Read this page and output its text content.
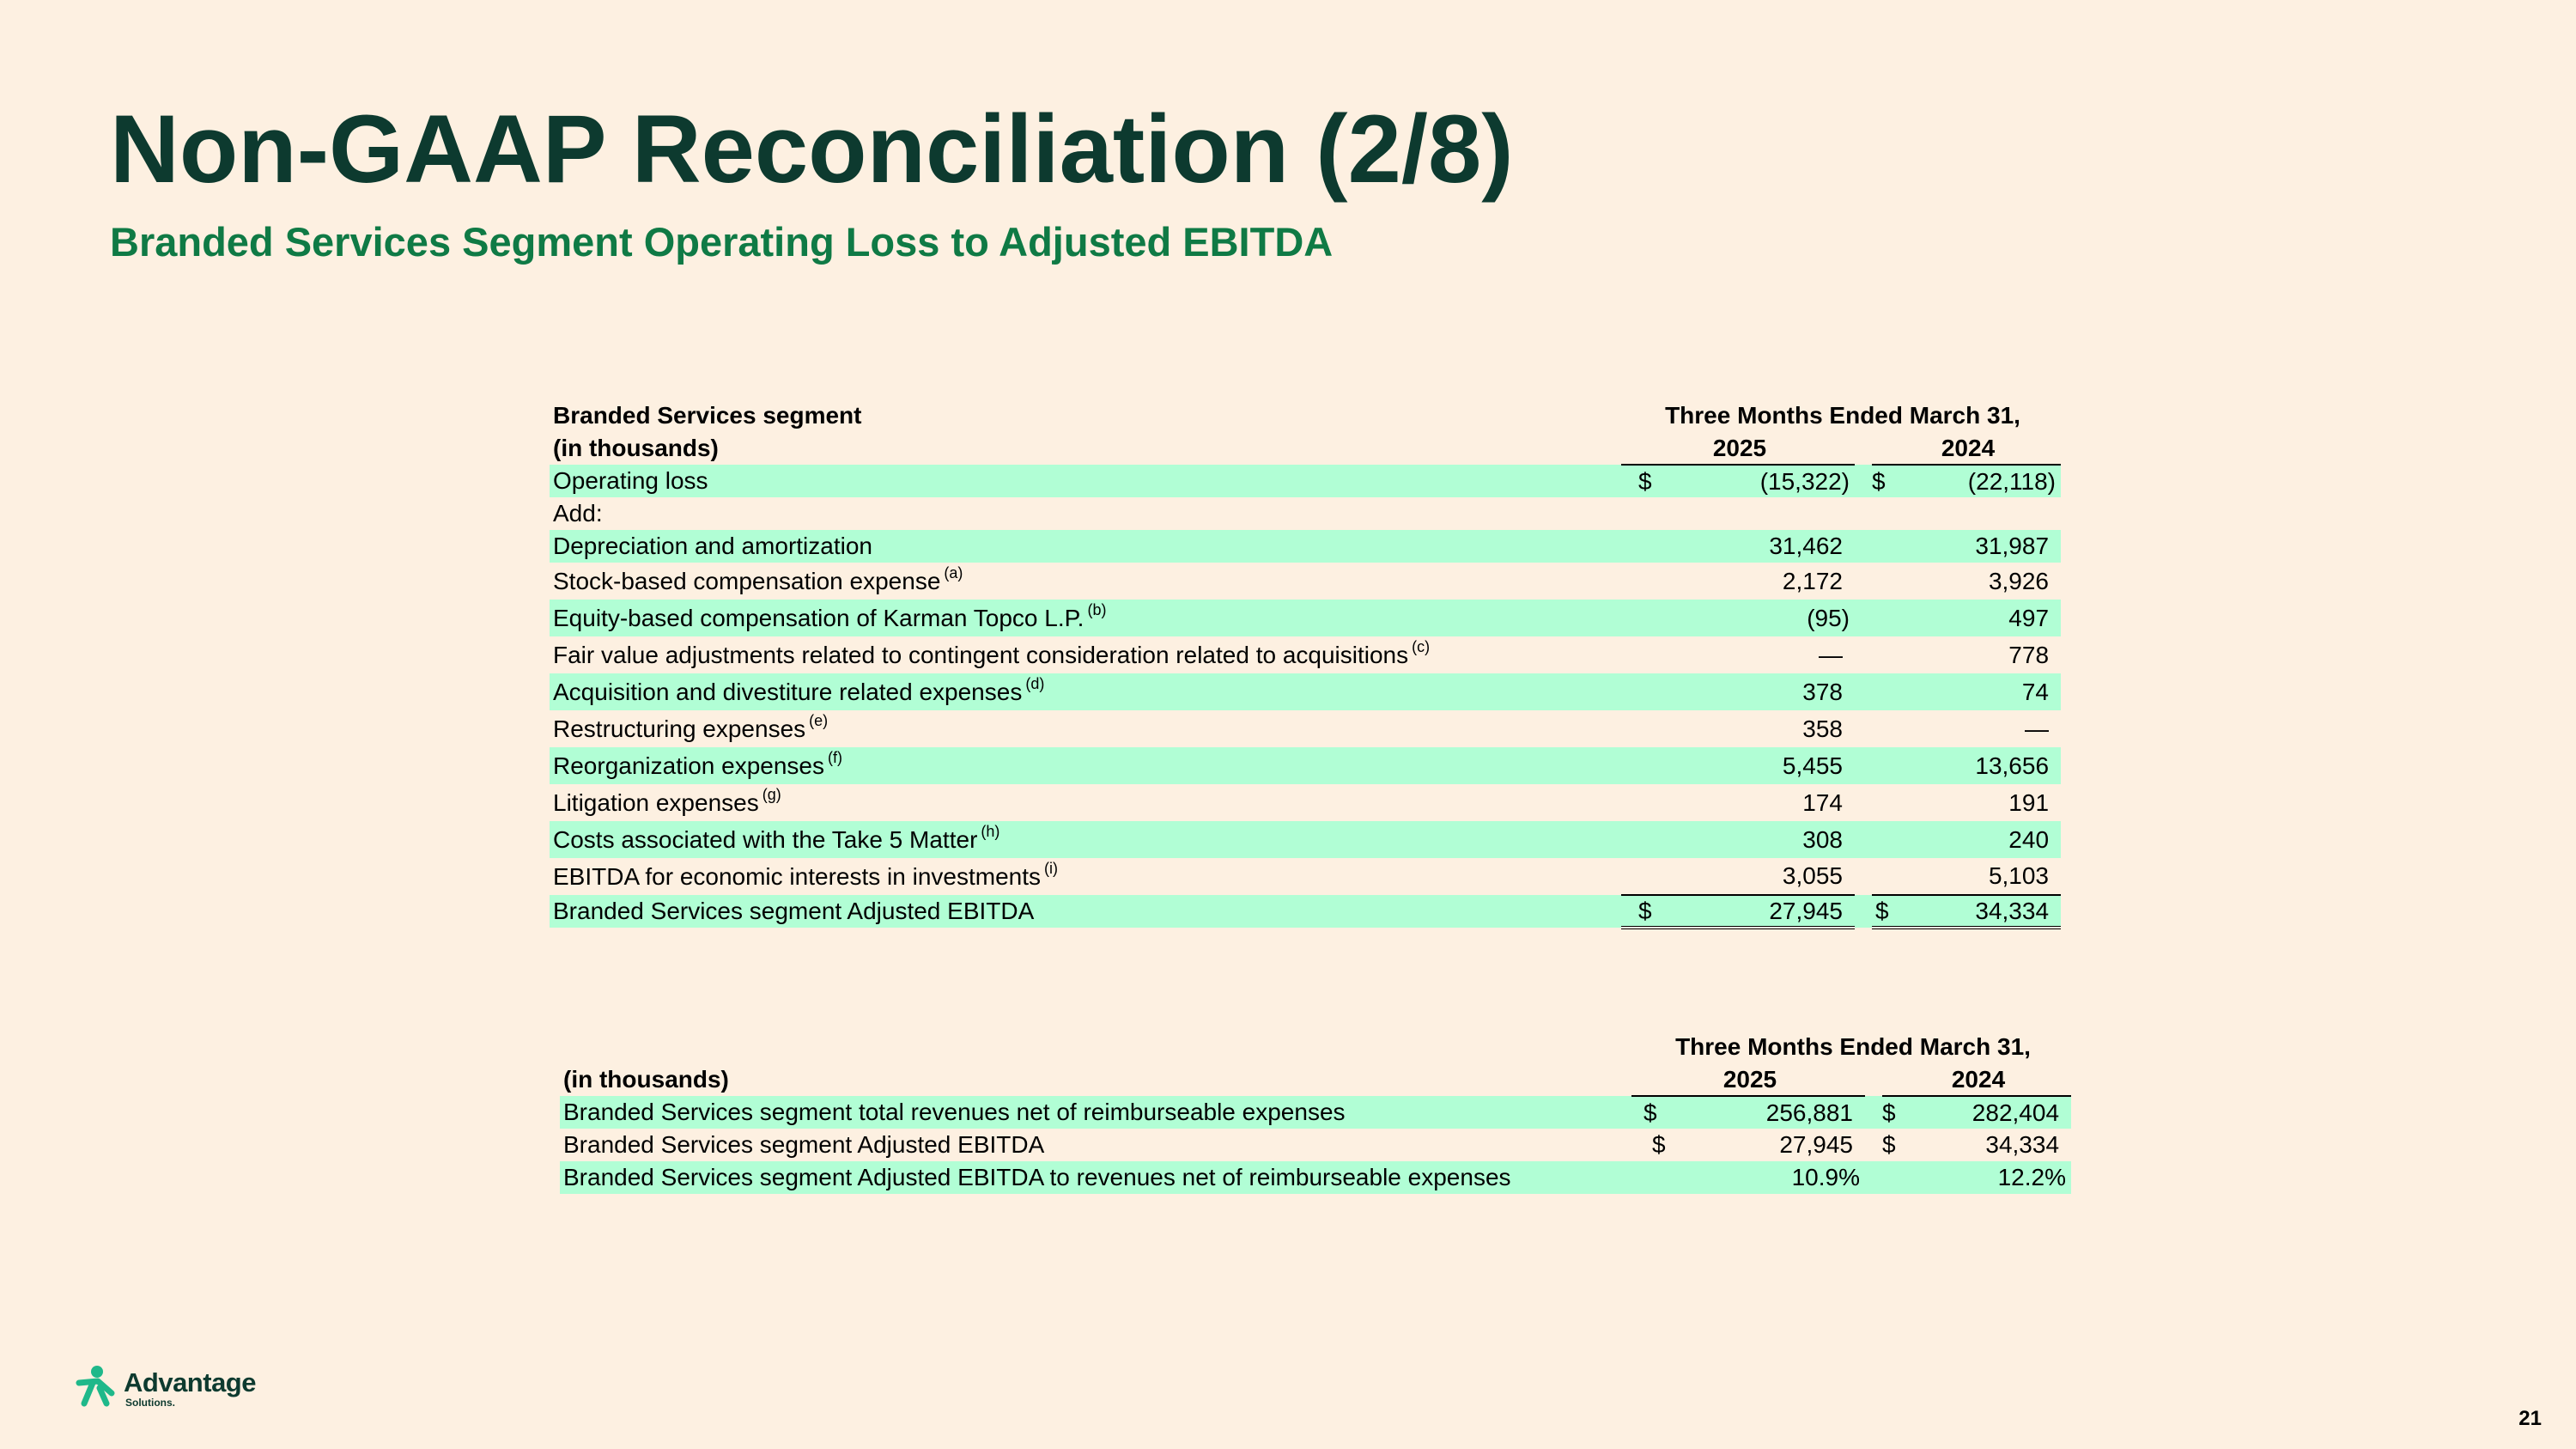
Non-GAAP Reconciliation (2/8)
Branded Services Segment Operating Loss to Adjusted EBITDA
Branded Services segment	Three Months Ended March 31,		
(in thousands)	2025		2024
Operating loss	$ (15,322)		$ (22,118)
Add:			
Depreciation and amortization	31,462		31,987
Stock-based compensation expense $^{(a)}$	2,172		3,926
Equity-based compensation of Karman Topco L.P. $^{(b)}$	(95)		497
Fair value adjustments related to contingent consideration related to acquisitions $^{(c)}$	—		778
Acquisition and divestiture related expenses $^{(d)}$	378		74
Restructuring expenses $^{(e)}$	358		—
Reorganization expenses $^{(f)}$	5,455		13,656
Litigation expenses $^{(g)}$	174		191
Costs associated with the Take 5 Matter $^{(h)}$	308		240
EBITDA for economic interests in investments $^{(i)}$	3,055		5,103
Branded Services segment Adjusted EBITDA	$ 27,945		$ 34,334
	Three Months Ended March 31,		
(in thousands)	2025		2024
Branded Services segment total revenues net of reimburseable expenses	$ 256,881		$ 282,404
Branded Services segment Adjusted EBITDA	$ 27,945		$ 34,334
Branded Services segment Adjusted EBITDA to revenues net of reimburseable expenses	10.9%		12.2%
Advantage
Solutions.
21
